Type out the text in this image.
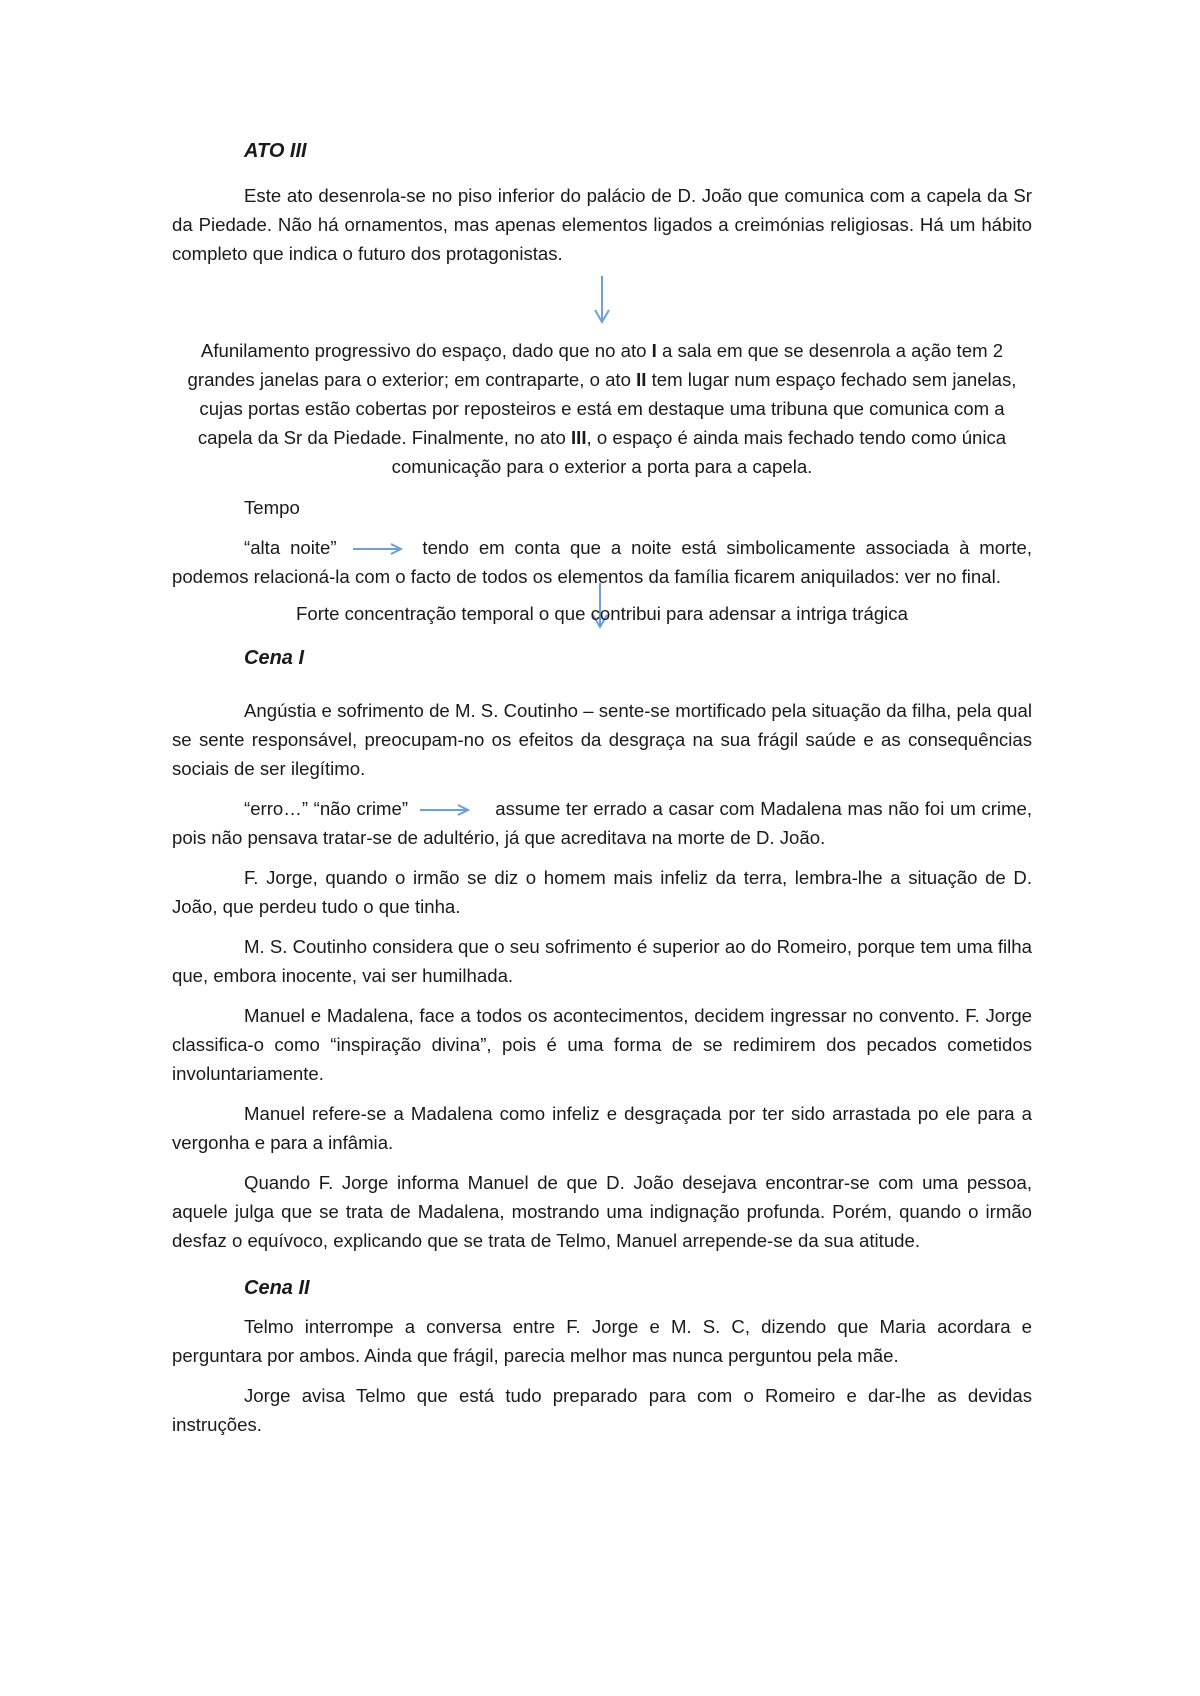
ATO III

Este ato desenrola-se no piso inferior do palácio de D. João que comunica com a capela da Sr da Piedade. Não há ornamentos, mas apenas elementos ligados a creimónias religiosas. Há um hábito completo que indica o futuro dos protagonistas.

Afunilamento progressivo do espaço, dado que no ato I a sala em que se desenrola a ação tem 2 grandes janelas para o exterior; em contraparte, o ato II tem lugar num espaço fechado sem janelas, cujas portas estão cobertas por reposteiros e está em destaque uma tribuna que comunica com a capela da Sr da Piedade. Finalmente, no ato III, o espaço é ainda mais fechado tendo como única comunicação para o exterior a porta para a capela.

Tempo

“alta noite”	tendo em conta que a noite está simbolicamente associada à morte, podemos relacioná-la com o facto de todos os elementos da família ficarem aniquilados: ver no final.

Forte concentração temporal o que contribui para adensar a intriga trágica

Cena I

Angústia e sofrimento de M. S. Coutinho – sente-se mortificado pela situação da filha, pela qual se sente responsável, preocupam-no os efeitos da desgraça na sua frágil saúde e as consequências sociais de ser ilegítimo.

“erro…” “não crime”	assume ter errado a casar com Madalena mas não foi um crime, pois não pensava tratar-se de adultério, já que acreditava na morte de D. João.

F. Jorge, quando o irmão se diz o homem mais infeliz da terra, lembra-lhe a situação de D. João, que perdeu tudo o que tinha.

M. S. Coutinho considera que o seu sofrimento é superior ao do Romeiro, porque tem uma filha que, embora inocente, vai ser humilhada.

Manuel e Madalena, face a todos os acontecimentos, decidem ingressar no convento. F. Jorge classifica-o como “inspiração divina”, pois é uma forma de se redimirem dos pecados cometidos involuntariamente.

Manuel refere-se a Madalena como infeliz e desgraçada por ter sido arrastada po ele para a vergonha e para a infâmia.

Quando F. Jorge informa Manuel de que D. João desejava encontrar-se com uma pessoa, aquele julga que se trata de Madalena, mostrando uma indignação profunda. Porém, quando o irmão desfaz o equívoco, explicando que se trata de Telmo, Manuel arrepende-se da sua atitude.

Cena II

Telmo interrompe a conversa entre F. Jorge e M. S. C, dizendo que Maria acordara e perguntara por ambos. Ainda que frágil, parecia melhor mas nunca perguntou pela mãe.

Jorge avisa Telmo que está tudo preparado para com o Romeiro e dar-lhe as devidas instruções.
